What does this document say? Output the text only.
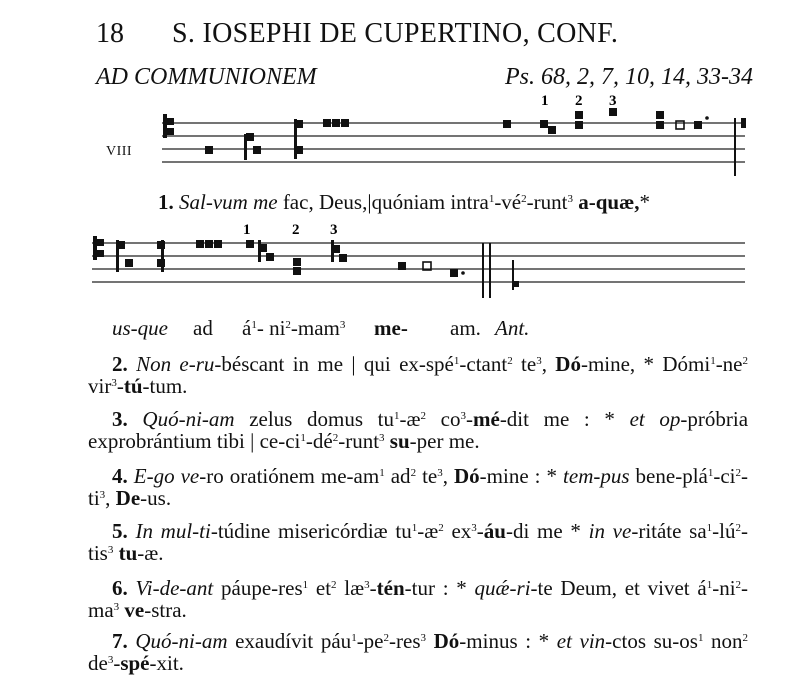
18 S. IOSEPHI DE CUPERTINO, CONF.
AD COMMUNIONEM	Ps. 68, 2, 7, 10, 14, 33-34
1 2 3
1	2 3
VIII
1. Sal-vum me fac, Deus,|quóniam $intra^1-vé^2-runt^3$ a-quæ,*
us-que ad $á^1-$ $ni^2-mam^3$ me- am. Ant.
2. Non e-ru-béscant in me | qui ex-spé$^1$-ctant$^2$ $te^3$, Dó-mine, * $Dómi^1-ne^2$ vir$^3$-tú-tum.
3. Quó-ni-am zelus domus $tu^1-æ^2$ $co^3-mé$-dit me : * et op-próbria exprobrántium tibi | $ce-ci^1-dé^2-runt^3$ su-per me.
4. E-go ve-ro oratiónem $me-am^1$ $ad^2$ $te^3$, Dó-mine : * tem-pus bene-$plá^1-ci^2-ti^3$, De-us.
5. In mul-ti-túdine misericórdiæ $tu^1-æ^2$ $ex^3-áu-di$ me * in ve-ritáte $sa^1-lú^2-tis^3$ tu-æ.
6. Vi-de-ant páupe-res$^1$ $et^2$ $læ^3-tén$-tur : * quǽ-ri-te Deum, et vivet $á^1-ni^2-ma^3$ ve-stra.
7. Quó-ni-am exaudívit $páu^1-pe^2-res^3$ Dó-minus : * et vin-ctos $su-os^1$ non$^2$ $de^3-spé$-xit.
